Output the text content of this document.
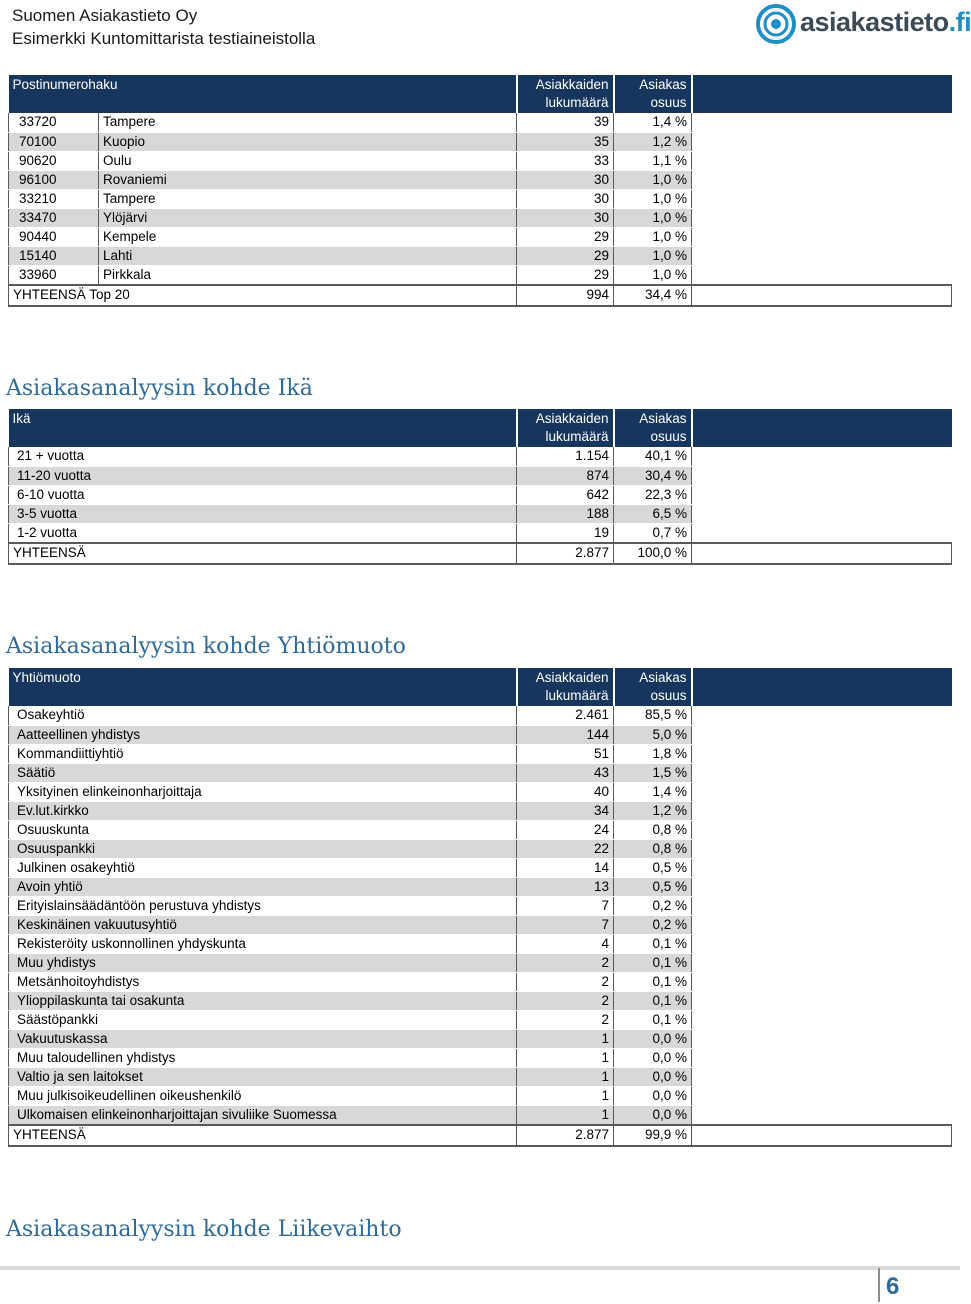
Suomen Asiakastieto Oy
Esimerkki Kuntomittarista testiaineistolla
asiakastieto.fi
Postinumerohaku		Asiakkaiden
lukumäärä	Asiakas
osuus	
33720	Tampere	39	1,4 %	
70100	Kuopio	35	1,2 %	
90620	Oulu	33	1,1 %	
96100	Rovaniemi	30	1,0 %	
33210	Tampere	30	1,0 %	
33470	Ylöjärvi	30	1,0 %	
90440	Kempele	29	1,0 %	
15140	Lahti	29	1,0 %	
33960	Pirkkala	29	1,0 %	
YHTEENSÄ Top 20		994	34,4 %	
Asiakasanalyysin kohde Ikä
Ikä	Asiakkaiden
lukumäärä	Asiakas
osuus	
21 + vuotta	1.154	40,1 %	
11-20 vuotta	874	30,4 %	
6-10 vuotta	642	22,3 %	
3-5 vuotta	188	6,5 %	
1-2 vuotta	19	0,7 %	
YHTEENSÄ	2.877	100,0 %	
Asiakasanalyysin kohde Yhtiömuoto
Yhtiömuoto	Asiakkaiden
lukumäärä	Asiakas
osuus	
Osakeyhtiö	2.461	85,5 %	
Aatteellinen yhdistys	144	5,0 %	
Kommandiittiyhtiö	51	1,8 %	
Säätiö	43	1,5 %	
Yksityinen elinkeinonharjoittaja	40	1,4 %	
Ev.lut.kirkko	34	1,2 %	
Osuuskunta	24	0,8 %	
Osuuspankki	22	0,8 %	
Julkinen osakeyhtiö	14	0,5 %	
Avoin yhtiö	13	0,5 %	
Erityislainsäädäntöön perustuva yhdistys	7	0,2 %	
Keskinäinen vakuutusyhtiö	7	0,2 %	
Rekisteröity uskonnollinen yhdyskunta	4	0,1 %	
Muu yhdistys	2	0,1 %	
Metsänhoitoyhdistys	2	0,1 %	
Ylioppilaskunta tai osakunta	2	0,1 %	
Säästöpankki	2	0,1 %	
Vakuutuskassa	1	0,0 %	
Muu taloudellinen yhdistys	1	0,0 %	
Valtio ja sen laitokset	1	0,0 %	
Muu julkisoikeudellinen oikeushenkilö	1	0,0 %	
Ulkomaisen elinkeinonharjoittajan sivuliike Suomessa	1	0,0 %	
YHTEENSÄ	2.877	99,9 %	
Asiakasanalyysin kohde Liikevaihto
6
